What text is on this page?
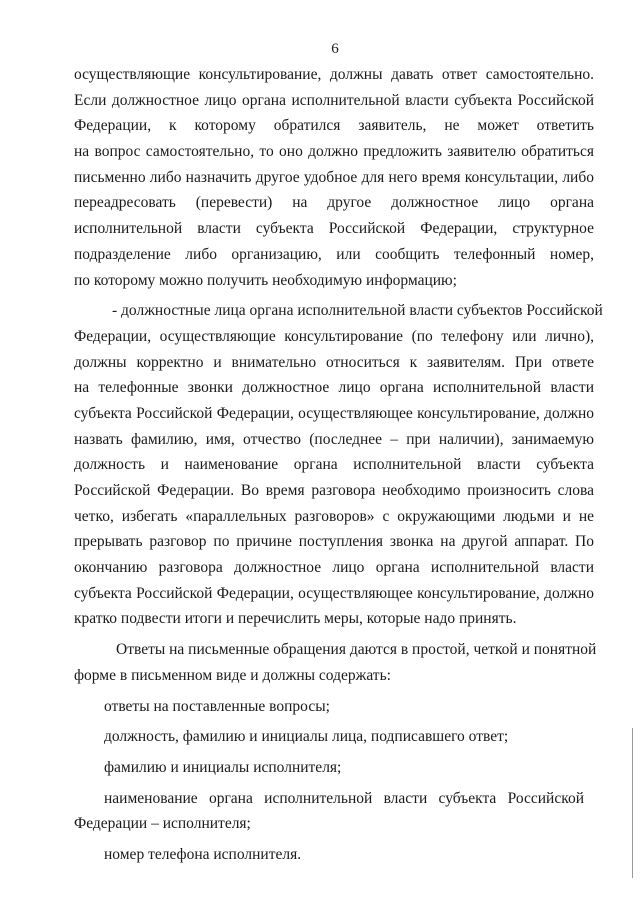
6
осуществляющие консультирование, должны давать ответ самостоятельно.
Если должностное лицо органа исполнительной власти субъекта Российской
Федерации, к которому обратился заявитель, не может ответить
на вопрос самостоятельно, то оно должно предложить заявителю обратиться
письменно либо назначить другое удобное для него время консультации, либо
переадресовать (перевести) на другое должностное лицо органа
исполнительной власти субъекта Российской Федерации, структурное
подразделение либо организацию, или сообщить телефонный номер,
по которому можно получить необходимую информацию;
- должностные лица органа исполнительной власти субъектов Российской
Федерации, осуществляющие консультирование (по телефону или лично),
должны корректно и внимательно относиться к заявителям. При ответе
на телефонные звонки должностное лицо органа исполнительной власти
субъекта Российской Федерации, осуществляющее консультирование, должно
назвать фамилию, имя, отчество (последнее – при наличии), занимаемую
должность и наименование органа исполнительной власти субъекта
Российской Федерации. Во время разговора необходимо произносить слова
четко, избегать «параллельных разговоров» с окружающими людьми и не
прерывать разговор по причине поступления звонка на другой аппарат. По
окончанию разговора должностное лицо органа исполнительной власти
субъекта Российской Федерации, осуществляющее консультирование, должно
кратко подвести итоги и перечислить меры, которые надо принять.
Ответы на письменные обращения даются в простой, четкой и понятной
форме в письменном виде и должны содержать:
ответы на поставленные вопросы;
должность, фамилию и инициалы лица, подписавшего ответ;
фамилию и инициалы исполнителя;
наименование органа исполнительной власти субъекта Российской
Федерации – исполнителя;
номер телефона исполнителя.
